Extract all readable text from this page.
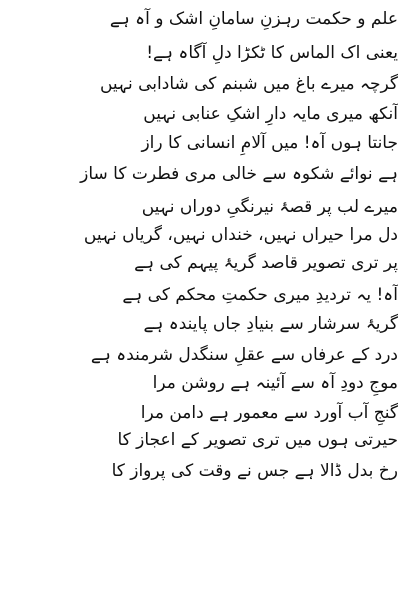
علم و حکمت رہزنِ سامانِ اشک و آہ ہے
یعنی اک الماس کا ٹکڑا دلِ آگاہ ہے!
گرچہ میرے باغ میں شبنم کی شادابی نہیں
آنکھ میری مایہ دارِ اشکِ عنابی نہیں
جانتا ہوں آہ! میں آلامِ انسانی کا راز
ہے نوائے شکوہ سے خالی مری فطرت کا ساز
میرے لب پر قصۂ نیرنگیِ دوراں نہیں
دل مرا حیراں نہیں، خنداں نہیں، گریاں نہیں
پر تری تصویر قاصد گریۂ پیہم کی ہے
آہ! یہ تردیدِ میری حکمتِ محکم کی ہے
گریۂ سرشار سے بنیادِ جاں پایندہ ہے
درد کے عرفاں سے عقلِ سنگدل شرمندہ ہے
موجِ دودِ آہ سے آئینہ ہے روشن مرا
گنجِ آب آورد سے معمور ہے دامن مرا
حیرتی ہوں میں تری تصویر کے اعجاز کا
رخ بدل ڈالا ہے جس نے وقت کی پرواز کا
